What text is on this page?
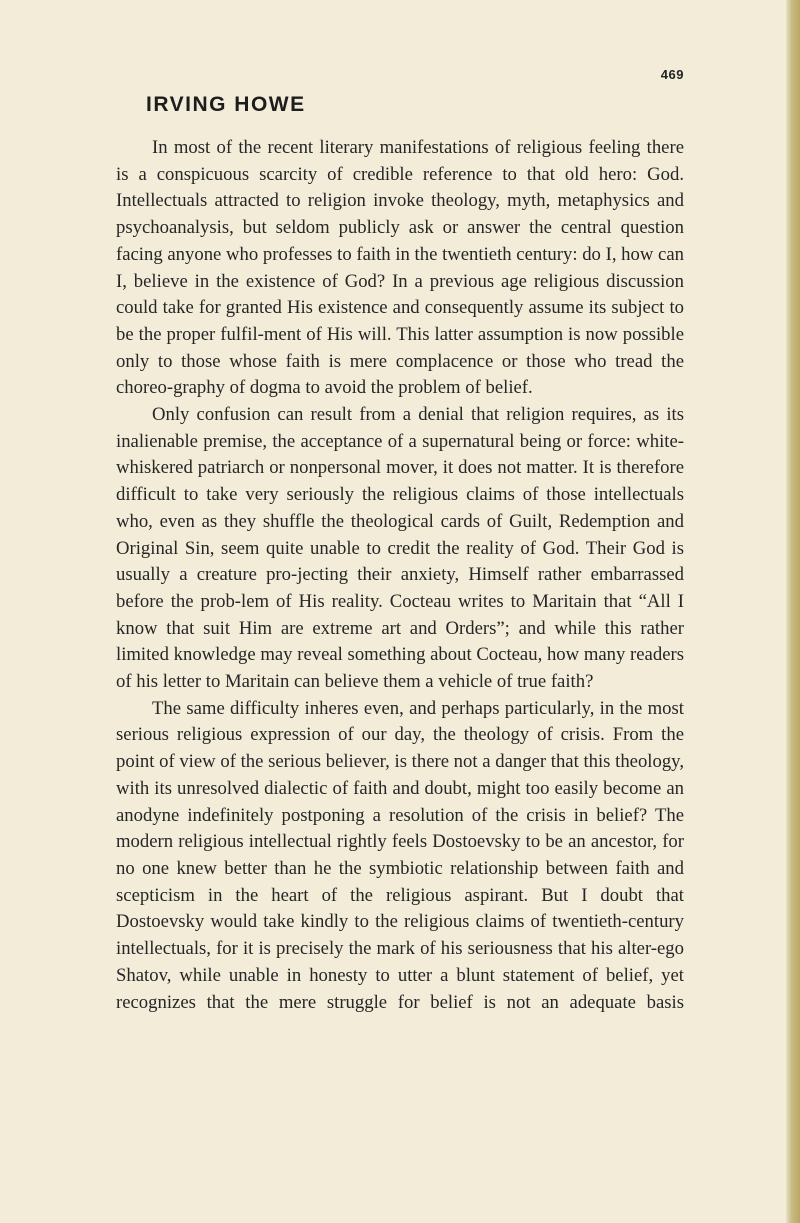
469
IRVING HOWE

In most of the recent literary manifestations of religious feeling there is a conspicuous scarcity of credible reference to that old hero: God. Intellectuals attracted to religion invoke theology, myth, metaphysics and psychoanalysis, but seldom publicly ask or answer the central question facing anyone who professes to faith in the twentieth century: do I, how can I, believe in the existence of God? In a previous age religious discussion could take for granted His existence and consequently assume its subject to be the proper fulfil-ment of His will. This latter assumption is now possible only to those whose faith is mere complacence or those who tread the choreo-graphy of dogma to avoid the problem of belief.

Only confusion can result from a denial that religion requires, as its inalienable premise, the acceptance of a supernatural being or force: white-whiskered patriarch or nonpersonal mover, it does not matter. It is therefore difficult to take very seriously the religious claims of those intellectuals who, even as they shuffle the theological cards of Guilt, Redemption and Original Sin, seem quite unable to credit the reality of God. Their God is usually a creature pro-jecting their anxiety, Himself rather embarrassed before the prob-lem of His reality. Cocteau writes to Maritain that “All I know that suit Him are extreme art and Orders”; and while this rather limited knowledge may reveal something about Cocteau, how many readers of his letter to Maritain can believe them a vehicle of true faith?

The same difficulty inheres even, and perhaps particularly, in the most serious religious expression of our day, the theology of crisis. From the point of view of the serious believer, is there not a danger that this theology, with its unresolved dialectic of faith and doubt, might too easily become an anodyne indefinitely postponing a resolution of the crisis in belief? The modern religious intellectual rightly feels Dostoevsky to be an ancestor, for no one knew better than he the symbiotic relationship between faith and scepticism in the heart of the religious aspirant. But I doubt that Dostoevsky would take kindly to the religious claims of twentieth-century intellectuals, for it is precisely the mark of his seriousness that his alter-ego Shatov, while unable in honesty to utter a blunt statement of belief, yet recognizes that the mere struggle for belief is not an adequate basis
